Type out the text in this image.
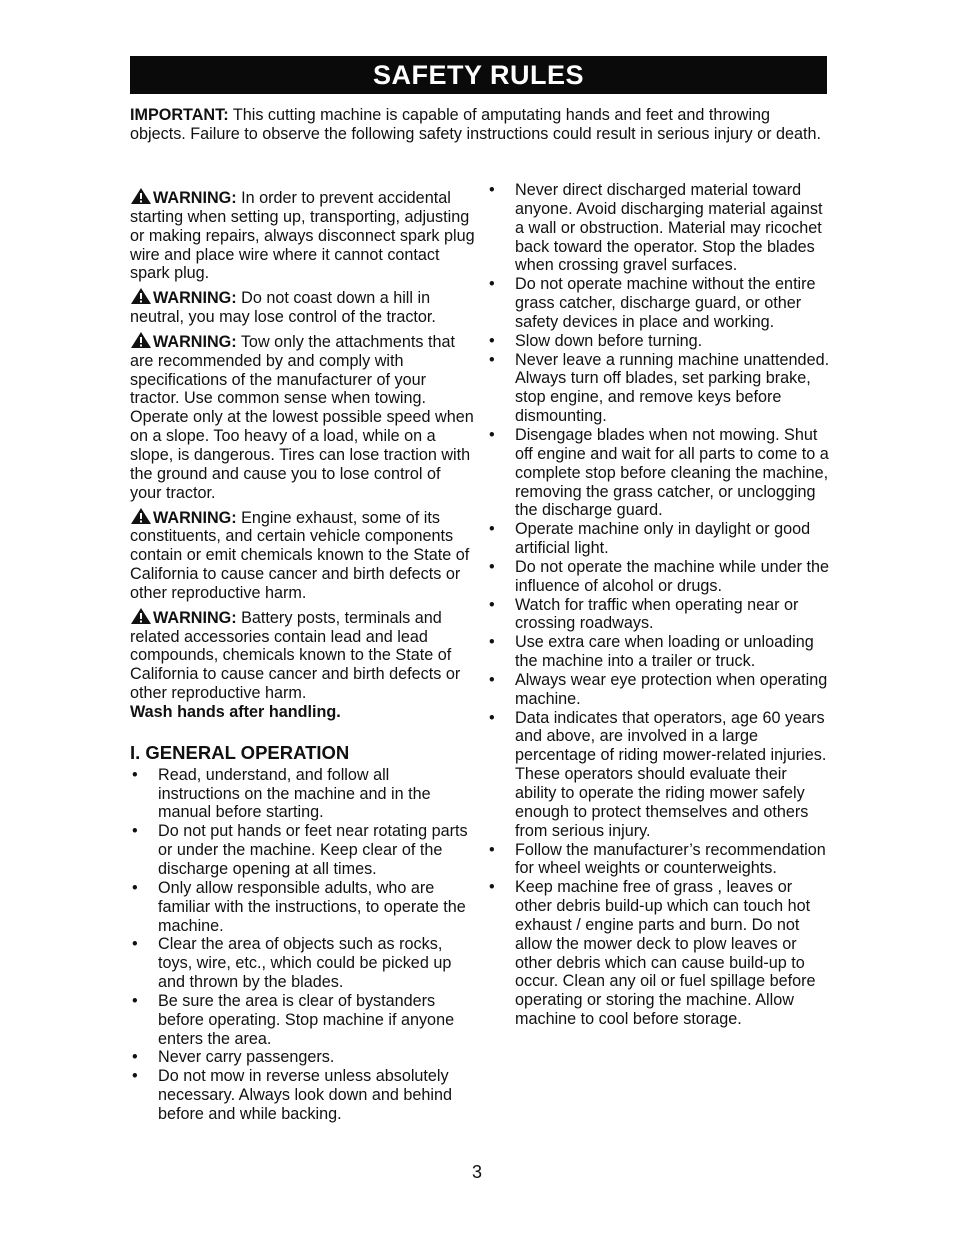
SAFETY RULES
IMPORTANT: This cutting machine is capable of amputating hands and feet and throwing objects. Failure to observe the following safety instructions could result in serious injury or death.
WARNING: In order to prevent accidental starting when setting up, transporting, adjusting or making repairs, always disconnect spark plug wire and place wire where it cannot contact spark plug.
WARNING: Do not coast down a hill in neutral, you may lose control of the tractor.
WARNING: Tow only the attachments that are recommended by and comply with specifications of the manufacturer of your tractor. Use common sense when towing. Operate only at the lowest possible speed when on a slope. Too heavy of a load, while on a slope, is dangerous. Tires can lose traction with the ground and cause you to lose control of your tractor.
WARNING: Engine exhaust, some of its constituents, and certain vehicle components contain or emit chemicals known to the State of California to cause cancer and birth defects or other reproductive harm.
WARNING: Battery posts, terminals and related accessories contain lead and lead compounds, chemicals known to the State of California to cause cancer and birth defects or other reproductive harm.
Wash hands after handling.
I. GENERAL OPERATION
• Read, understand, and follow all instructions on the machine and in the manual before starting.
• Do not put hands or feet near rotating parts or under the machine. Keep clear of the discharge opening at all times.
• Only allow responsible adults, who are familiar with the instructions, to operate the machine.
• Clear the area of objects such as rocks, toys, wire, etc., which could be picked up and thrown by the blades.
• Be sure the area is clear of bystanders before operating. Stop machine if anyone enters the area.
• Never carry passengers.
• Do not mow in reverse unless absolutely necessary. Always look down and behind before and while backing.
• Never direct discharged material toward anyone. Avoid discharging material against a wall or obstruction. Material may ricochet back toward the operator. Stop the blades when crossing gravel surfaces.
• Do not operate machine without the entire grass catcher, discharge guard, or other safety devices in place and working.
• Slow down before turning.
• Never leave a running machine unattended. Always turn off blades, set parking brake, stop engine, and remove keys before dismounting.
• Disengage blades when not mowing. Shut off engine and wait for all parts to come to a complete stop before cleaning the machine, removing the grass catcher, or unclogging the discharge guard.
• Operate machine only in daylight or good artificial light.
• Do not operate the machine while under the influence of alcohol or drugs.
• Watch for traffic when operating near or crossing roadways.
• Use extra care when loading or unloading the machine into a trailer or truck.
• Always wear eye protection when operating machine.
• Data indicates that operators, age 60 years and above, are involved in a large percentage of riding mower-related injuries. These operators should evaluate their ability to operate the riding mower safely enough to protect themselves and others from serious injury.
• Follow the manufacturer’s recommendation for wheel weights or counterweights.
• Keep machine free of grass , leaves or other debris build-up which can touch hot exhaust / engine parts and burn. Do not allow the mower deck to plow leaves or other debris which can cause build-up to occur. Clean any oil or fuel spillage before operating or storing the machine. Allow machine to cool before storage.
3
